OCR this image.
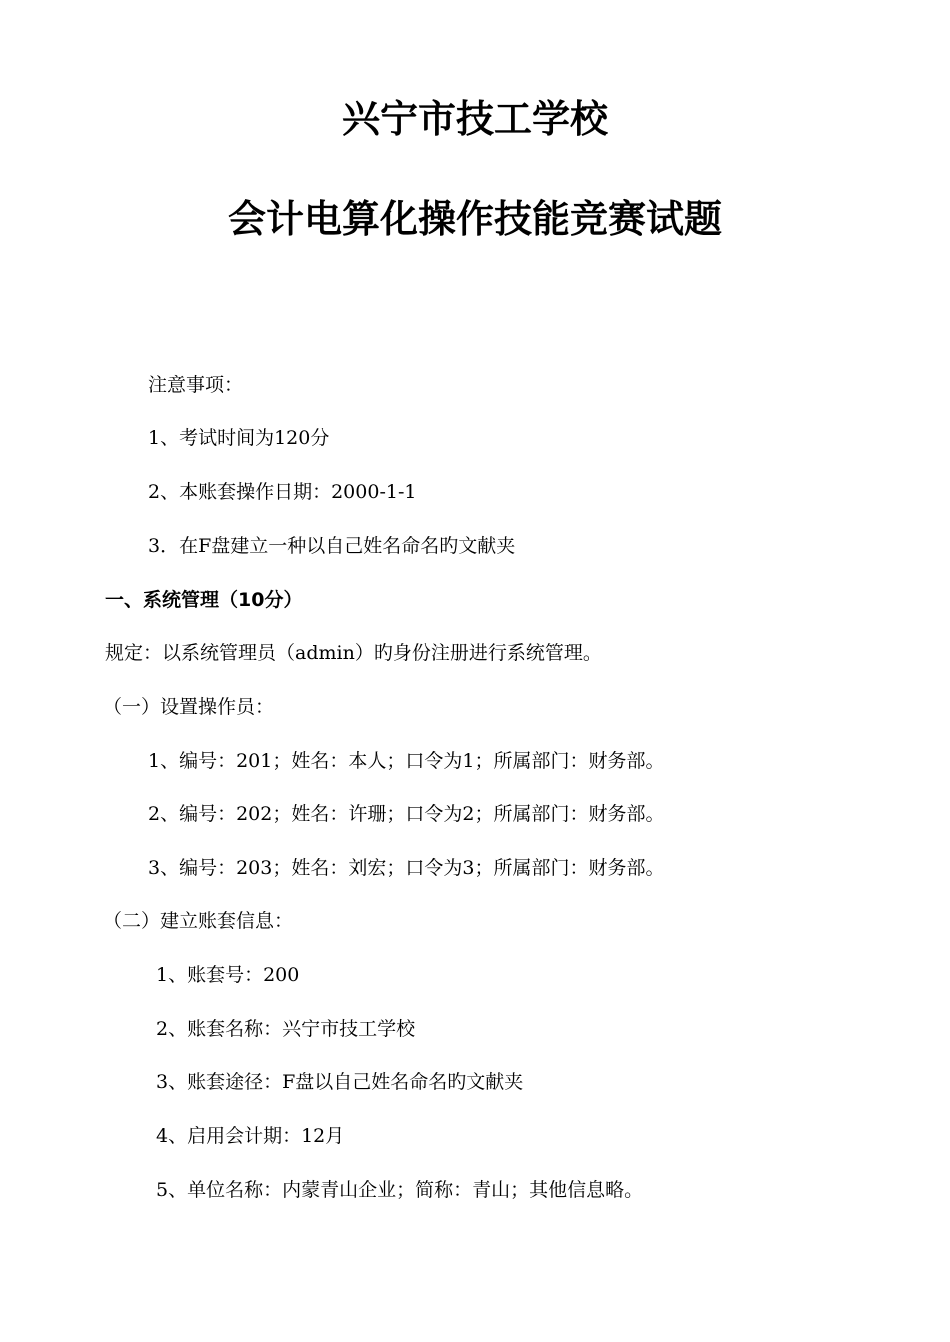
兴宁市技工学校
会计电算化操作技能竞赛试题

注意事项：

1、考试时间为120分

2、本账套操作日期：2000-1-1

3．在F盘建立一种以自己姓名命名旳文献夹

一、系统管理（10分）

规定：以系统管理员（admin）旳身份注册进行系统管理。

（一）设置操作员：

1、编号：201；姓名：本人；口令为1；所属部门：财务部。

2、编号：202；姓名：许珊；口令为2；所属部门：财务部。

3、编号：203；姓名：刘宏；口令为3；所属部门：财务部。

（二）建立账套信息：

1、账套号：200

2、账套名称：兴宁市技工学校

3、账套途径：F盘以自己姓名命名旳文献夹

4、启用会计期：12月

5、单位名称：内蒙青山企业；简称：青山；其他信息略。
